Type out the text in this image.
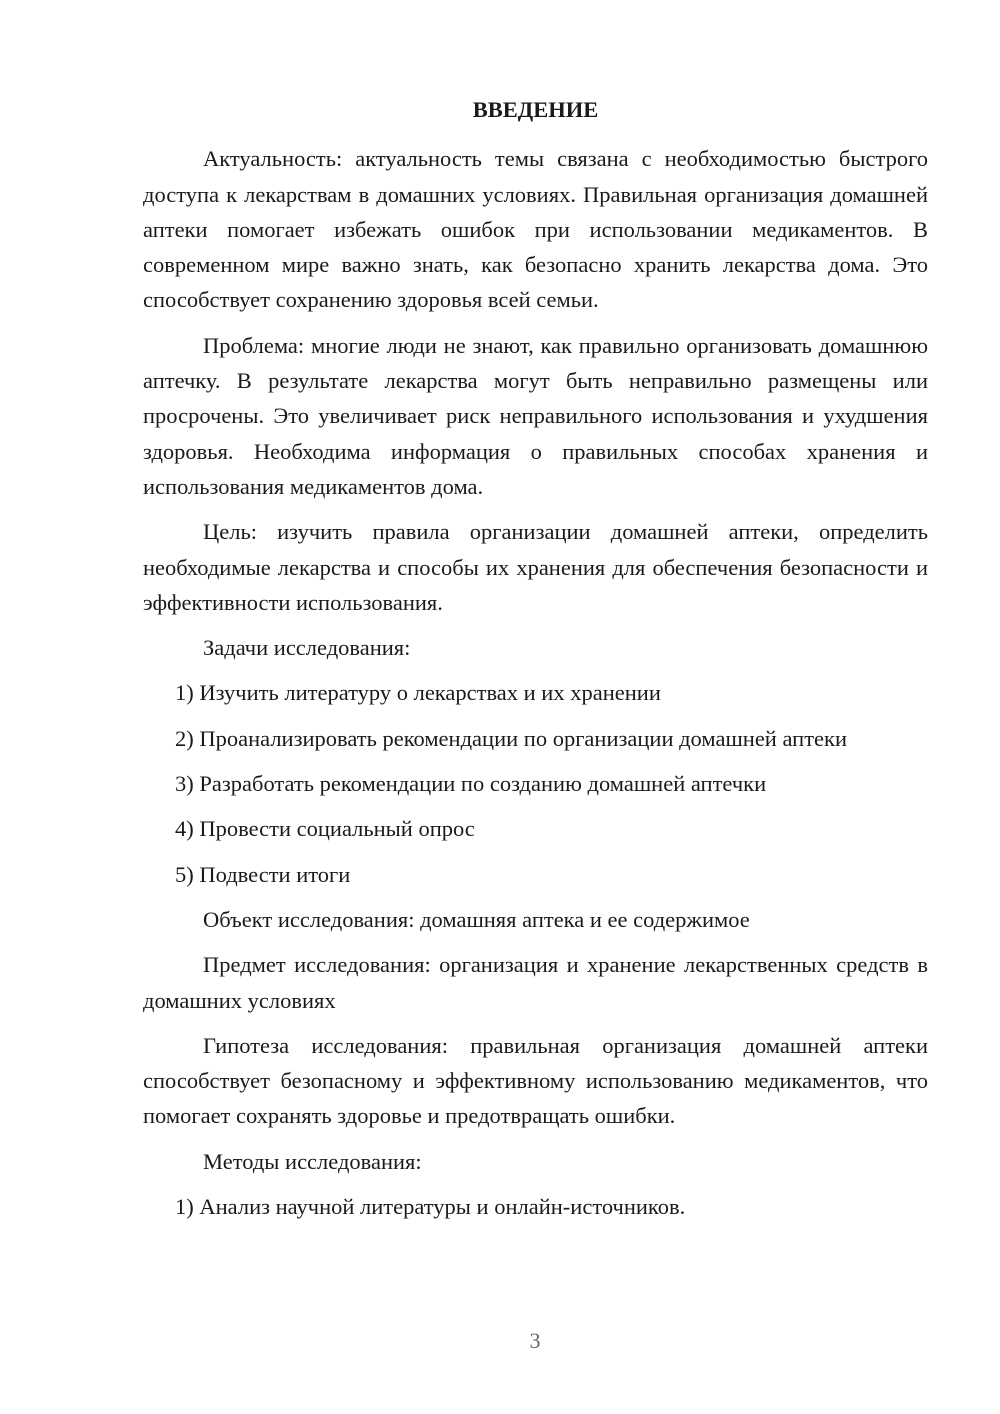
ВВЕДЕНИЕ

Актуальность: актуальность темы связана с необходимостью быстрого доступа к лекарствам в домашних условиях. Правильная организация домашней аптеки помогает избежать ошибок при использовании медикаментов. В современном мире важно знать, как безопасно хранить лекарства дома. Это способствует сохранению здоровья всей семьи.

Проблема: многие люди не знают, как правильно организовать домашнюю аптечку. В результате лекарства могут быть неправильно размещены или просрочены. Это увеличивает риск неправильного использования и ухудшения здоровья. Необходима информация о правильных способах хранения и использования медикаментов дома.

Цель: изучить правила организации домашней аптеки, определить необходимые лекарства и способы их хранения для обеспечения безопасности и эффективности использования.

Задачи исследования:

1) Изучить литературу о лекарствах и их хранении
2) Проанализировать рекомендации по организации домашней аптеки
3) Разработать рекомендации по созданию домашней аптечки
4) Провести социальный опрос
5) Подвести итоги

Объект исследования: домашняя аптека и ее содержимое

Предмет исследования: организация и хранение лекарственных средств в домашних условиях

Гипотеза исследования: правильная организация домашней аптеки способствует безопасному и эффективному использованию медикаментов, что помогает сохранять здоровье и предотвращать ошибки.

Методы исследования:

1) Анализ научной литературы и онлайн-источников.
3
